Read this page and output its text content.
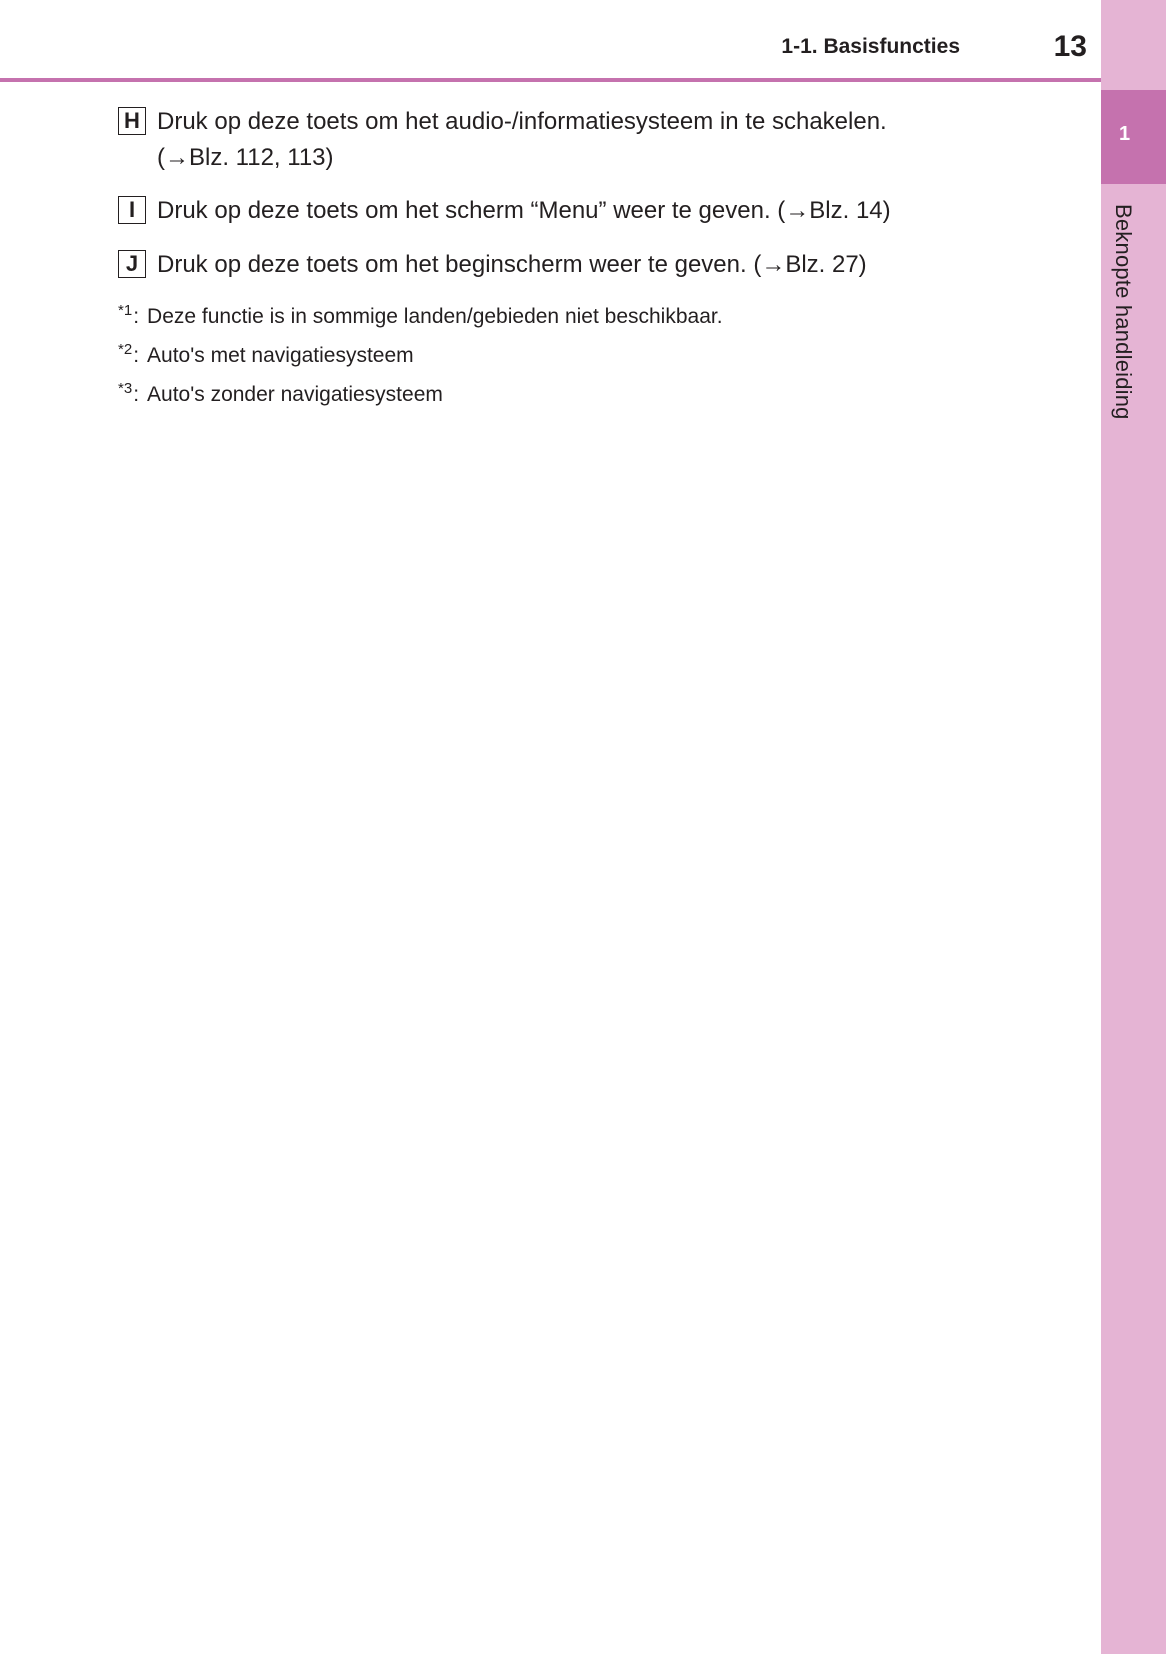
1
Beknopte handleiding
1-1. Basisfuncties	13
H Druk op deze toets om het audio-/informatiesysteem in te schakelen.
(→Blz. 112, 113)
I Druk op deze toets om het scherm “Menu” weer te geven. (→Blz. 14)
J Druk op deze toets om het beginscherm weer te geven. (→Blz. 27)
$^{*1}$: Deze functie is in sommige landen/gebieden niet beschikbaar.
$^{*2}$: Auto's met navigatiesysteem
$^{*3}$: Auto's zonder navigatiesysteem
